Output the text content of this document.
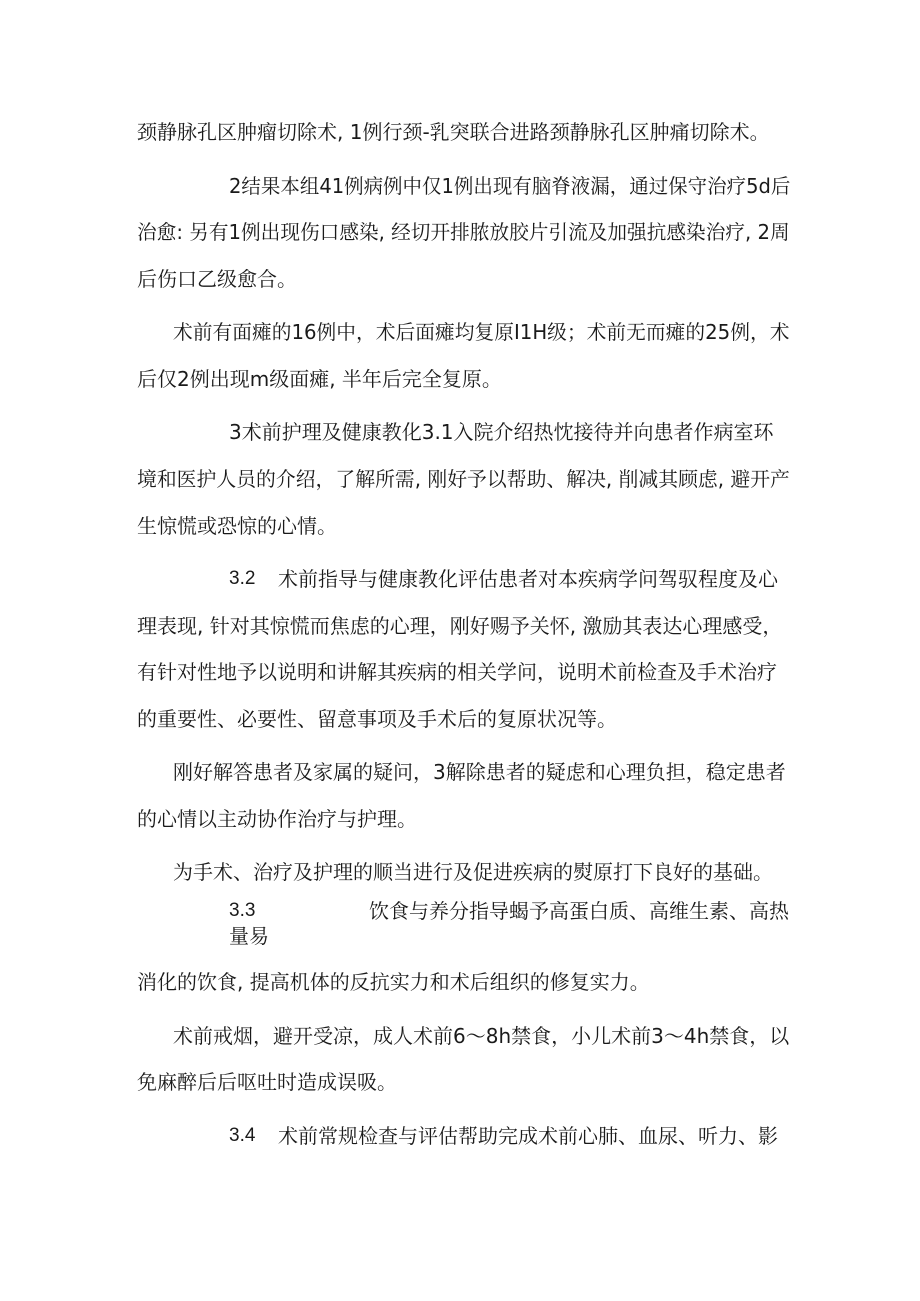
颈静脉孔区肿瘤切除术, 1例行颈-乳突联合进路颈静脉孔区肿痛切除术。
2结果本组41例病例中仅1例出现有脑脊液漏，通过保守治疗5d后
治愈: 另有1例出现伤口感染, 经切开排脓放胶片引流及加强抗感染治疗, 2周
后伤口乙级愈合。
术前有面瘫的16例中，术后面瘫均复原I1H级；术前无而瘫的25例，术
后仅2例出现m级面瘫, 半年后完全复原。
3术前护理及健康教化3.1入院介绍热忱接待并向患者作病室环
境和医护人员的介绍，了解所需, 刚好予以帮助、解决, 削减其顾虑, 避开产
生惊慌或恐惊的心情。
3.2 术前指导与健康教化评估患者对本疾病学问驾驭程度及心
理表现, 针对其惊慌而焦虑的心理，刚好赐予关怀, 激励其表达心理感受，
有针对性地予以说明和讲解其疾病的相关学问，说明术前检查及手术治疗
的重要性、必要性、留意事项及手术后的复原状况等。
刚好解答患者及家属的疑问，3解除患者的疑虑和心理负担，稳定患者
的心情以主动协作治疗与护理。
为手术、治疗及护理的顺当进行及促进疾病的熨原打下良好的基础。
3.3	饮食与养分指导蝎予高蛋白质、高维生素、高热
量易
消化的饮食, 提高机体的反抗实力和术后组织的修复实力。
术前戒烟，避开受凉，成人术前6～8h禁食，小儿术前3～4h禁食，以
免麻醉后后呕吐时造成误吸。
3.4 术前常规检查与评估帮助完成术前心肺、血尿、听力、影
